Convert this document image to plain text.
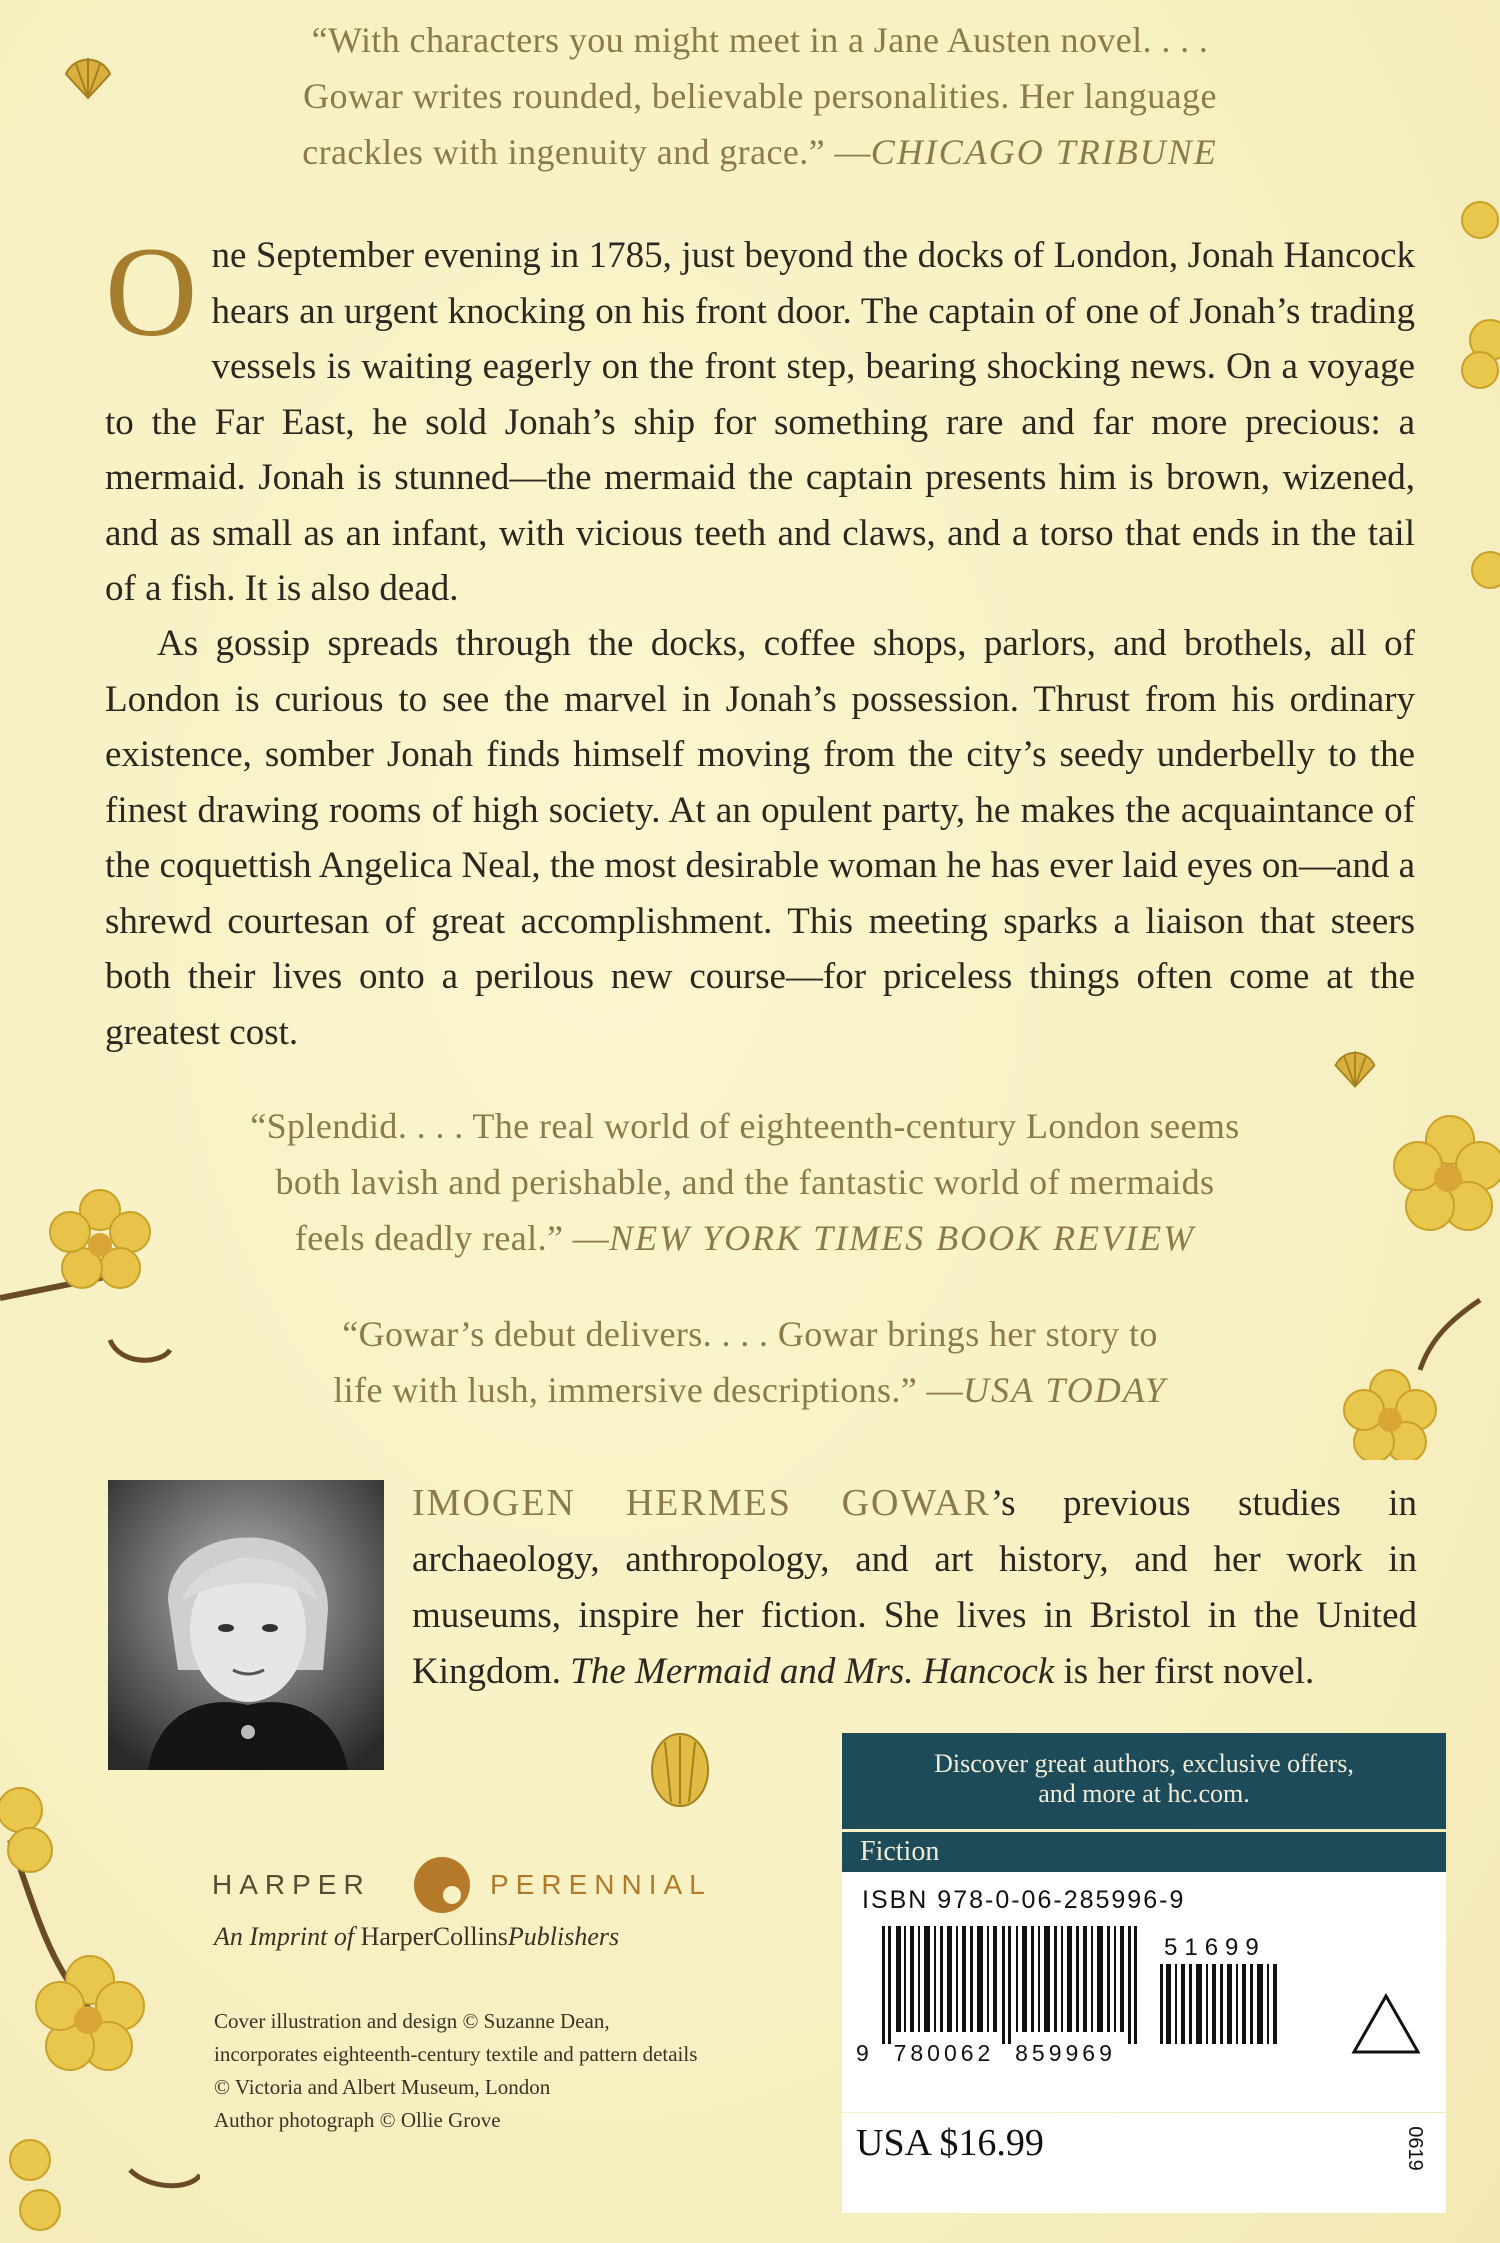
“With characters you might meet in a Jane Austen novel. . . .
Gowar writes rounded, believable personalities. Her language
crackles with ingenuity and grace.” —CHICAGO TRIBUNE

One September evening in 1785, just beyond the docks of London, Jonah Hancock hears an urgent knocking on his front door. The captain of one of Jonah’s trading vessels is waiting eagerly on the front step, bearing shocking news. On a voyage to the Far East, he sold Jonah’s ship for something rare and far more precious: a mermaid. Jonah is stunned—the mermaid the captain presents him is brown, wizened, and as small as an infant, with vicious teeth and claws, and a torso that ends in the tail of a fish. It is also dead.

As gossip spreads through the docks, coffee shops, parlors, and brothels, all of London is curious to see the marvel in Jonah’s possession. Thrust from his ordinary existence, somber Jonah finds himself moving from the city’s seedy underbelly to the finest drawing rooms of high society. At an opulent party, he makes the acquaintance of the coquettish Angelica Neal, the most desirable woman he has ever laid eyes on—and a shrewd courtesan of great accomplishment. This meeting sparks a liaison that steers both their lives onto a perilous new course—for priceless things often come at the greatest cost.

“Splendid. . . . The real world of eighteenth-century London seems
both lavish and perishable, and the fantastic world of mermaids
feels deadly real.” —NEW YORK TIMES BOOK REVIEW
“Gowar’s debut delivers. . . . Gowar brings her story to
life with lush, immersive descriptions.” —USA TODAY
IMOGEN HERMES GOWAR’s previous studies in archaeology, anthropology, and art history, and her work in museums, inspire her fiction. She lives in Bristol in the United Kingdom. The Mermaid and Mrs. Hancock is her first novel.
HARPER	PERENNIAL
An Imprint of HarperCollinsPublishers
Cover illustration and design © Suzanne Dean,
incorporates eighteenth-century textile and pattern details
© Victoria and Albert Museum, London
Author photograph © Ollie Grove
Discover great authors, exclusive offers,
and more at hc.com.
Fiction
ISBN 978-0-06-285996-9
51699
9 780062 859969
USA $16.99	0619
